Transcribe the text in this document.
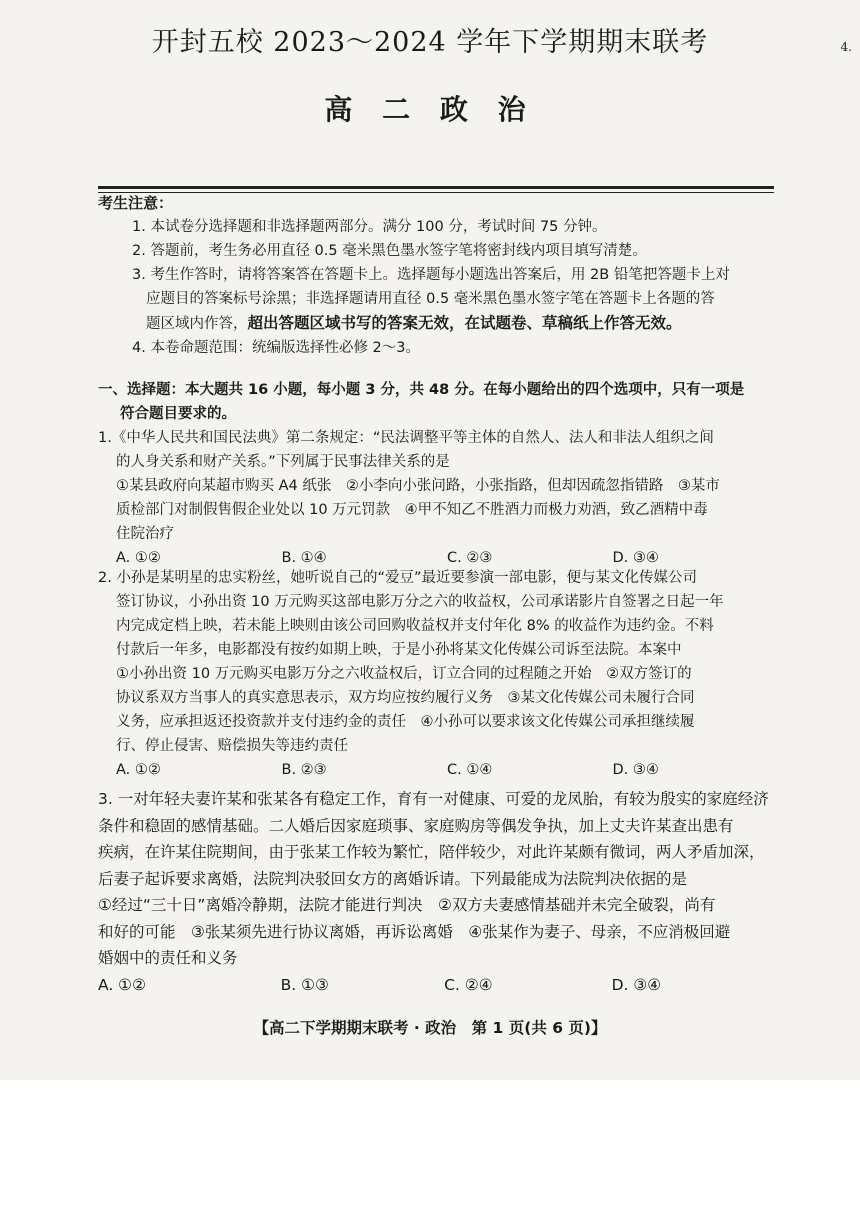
开封五校 2023～2024 学年下学期期末联考	4.
高 二 政 治
考生注意：
1. 本试卷分选择题和非选择题两部分。满分 100 分，考试时间 75 分钟。
2. 答题前，考生务必用直径 0.5 毫米黑色墨水签字笔将密封线内项目填写清楚。
3. 考生作答时，请将答案答在答题卡上。选择题每小题选出答案后，用 2B 铅笔把答题卡上对
应题目的答案标号涂黑；非选择题请用直径 0.5 毫米黑色墨水签字笔在答题卡上各题的答
题区域内作答，超出答题区域书写的答案无效，在试题卷、草稿纸上作答无效。
4. 本卷命题范围：统编版选择性必修 2～3。
一、选择题：本大题共 16 小题，每小题 3 分，共 48 分。在每小题给出的四个选项中，只有一项是
符合题目要求的。
1.《中华人民共和国民法典》第二条规定：“民法调整平等主体的自然人、法人和非法人组织之间
的人身关系和财产关系。”下列属于民事法律关系的是
①某县政府向某超市购买 A4 纸张　②小李向小张问路，小张指路，但却因疏忽指错路　③某市
质检部门对制假售假企业处以 10 万元罚款　④甲不知乙不胜酒力而极力劝酒，致乙酒精中毒
住院治疗
A. ①②	B. ①④	C. ②③	D. ③④
2. 小孙是某明星的忠实粉丝，她听说自己的“爱豆”最近要参演一部电影，便与某文化传媒公司
签订协议，小孙出资 10 万元购买这部电影万分之六的收益权，公司承诺影片自签署之日起一年
内完成定档上映，若未能上映则由该公司回购收益权并支付年化 8% 的收益作为违约金。不料
付款后一年多，电影都没有按约如期上映，于是小孙将某文化传媒公司诉至法院。本案中
①小孙出资 10 万元购买电影万分之六收益权后，订立合同的过程随之开始　②双方签订的
协议系双方当事人的真实意思表示，双方均应按约履行义务　③某文化传媒公司未履行合同
义务，应承担返还投资款并支付违约金的责任　④小孙可以要求该文化传媒公司承担继续履
行、停止侵害、赔偿损失等违约责任
A. ①②	B. ②③	C. ①④	D. ③④
3. 一对年轻夫妻许某和张某各有稳定工作，育有一对健康、可爱的龙凤胎，有较为殷实的家庭经济
条件和稳固的感情基础。二人婚后因家庭琐事、家庭购房等偶发争执，加上丈夫许某查出患有
疾病，在许某住院期间，由于张某工作较为繁忙，陪伴较少，对此许某颇有微词，两人矛盾加深，
后妻子起诉要求离婚，法院判决驳回女方的离婚诉请。下列最能成为法院判决依据的是
①经过“三十日”离婚冷静期，法院才能进行判决　②双方夫妻感情基础并未完全破裂，尚有
和好的可能　③张某须先进行协议离婚，再诉讼离婚　④张某作为妻子、母亲，不应消极回避
婚姻中的责任和义务
A. ①②	B. ①③	C. ②④	D. ③④
【高二下学期期末联考 · 政治　第 1 页(共 6 页)】
